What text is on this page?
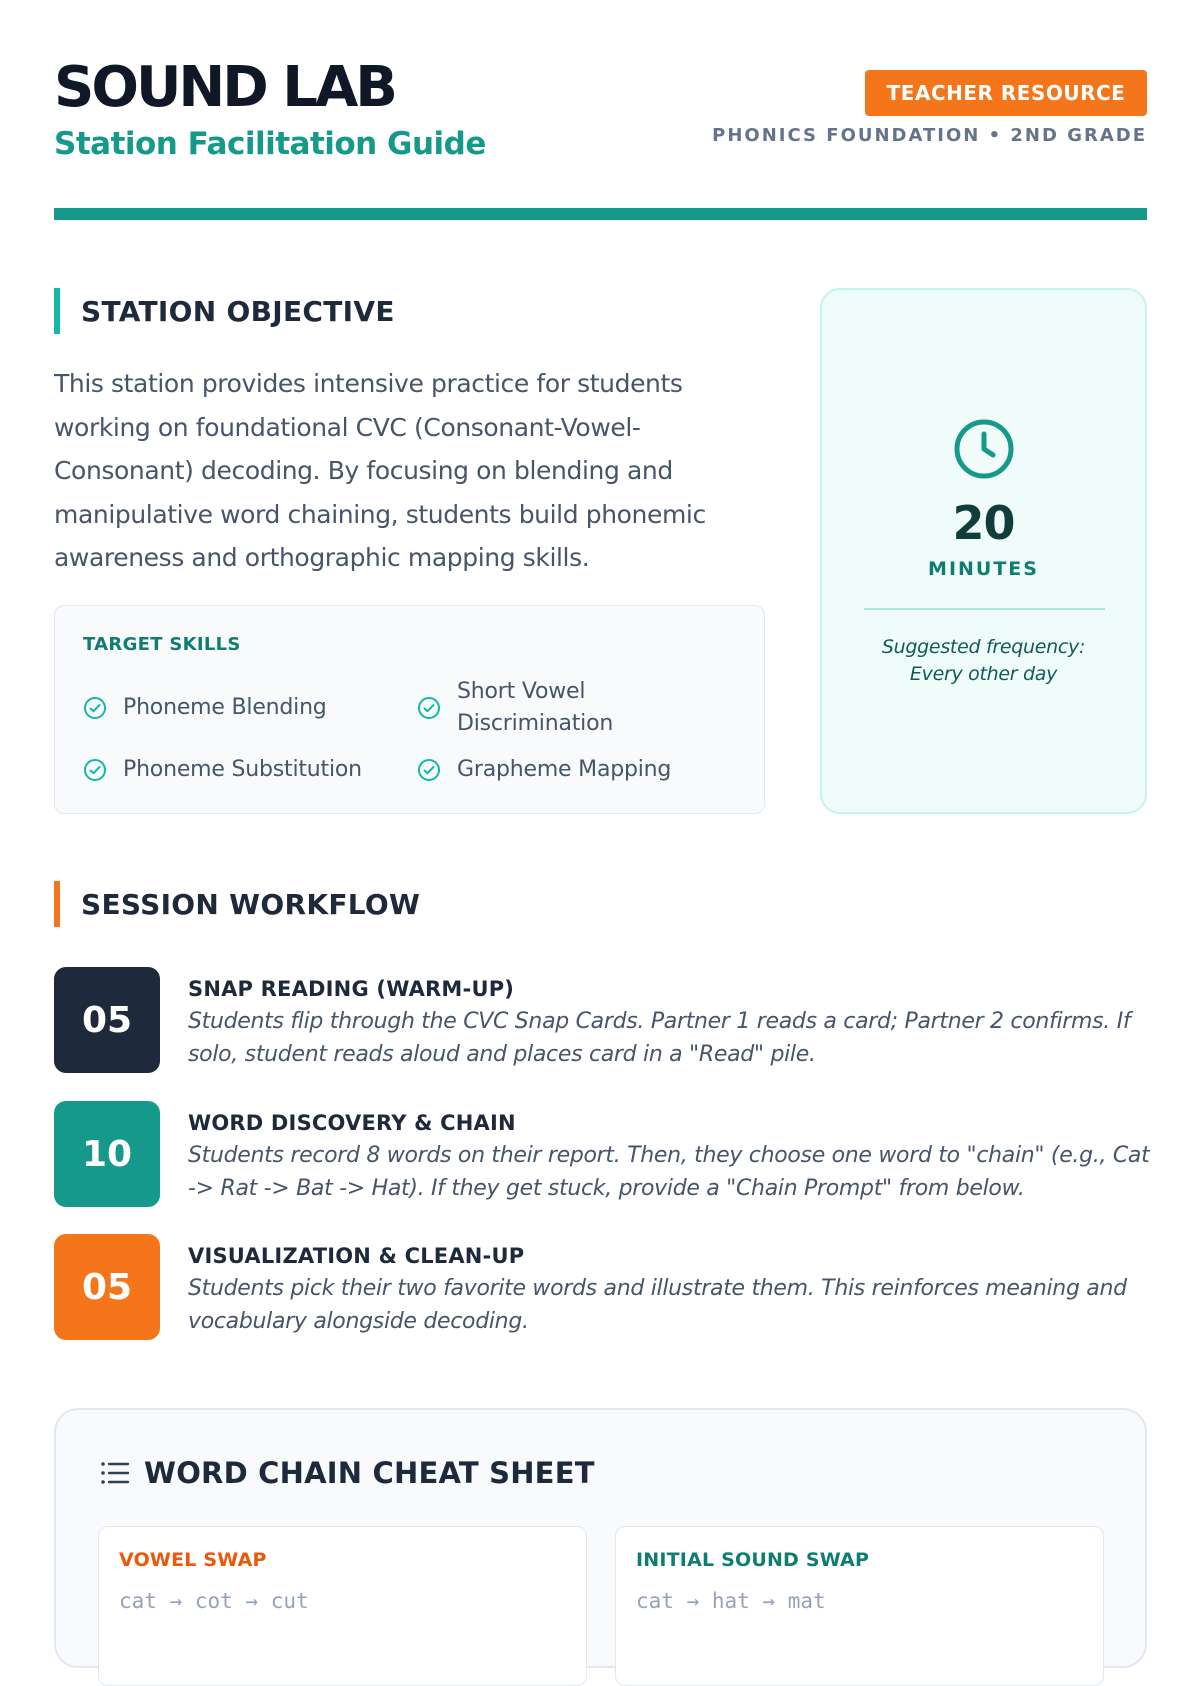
SOUND LAB
Station Facilitation Guide
TEACHER RESOURCE
PHONICS FOUNDATION • 2ND GRADE
STATION OBJECTIVE
This station provides intensive practice for students working on foundational CVC (Consonant-Vowel-Consonant) decoding. By focusing on blending and manipulative word chaining, students build phonemic awareness and orthographic mapping skills.
TARGET SKILLS
Phoneme Blending
Short Vowel Discrimination
Phoneme Substitution	Grapheme Mapping
20
MINUTES
Suggested frequency:
Every other day
SESSION WORKFLOW
05
SNAP READING (WARM-UP)
Students flip through the CVC Snap Cards. Partner 1 reads a card; Partner 2 confirms. If solo, student reads aloud and places card in a "Read" pile.
10
WORD DISCOVERY & CHAIN
Students record 8 words on their report. Then, they choose one word to "chain" (e.g., Cat -> Rat -> Bat -> Hat). If they get stuck, provide a "Chain Prompt" from below.
05
VISUALIZATION & CLEAN-UP
Students pick their two favorite words and illustrate them. This reinforces meaning and vocabulary alongside decoding.
WORD CHAIN CHEAT SHEET
VOWEL SWAP
cat → cot → cut
INITIAL SOUND SWAP
cat → hat → mat
